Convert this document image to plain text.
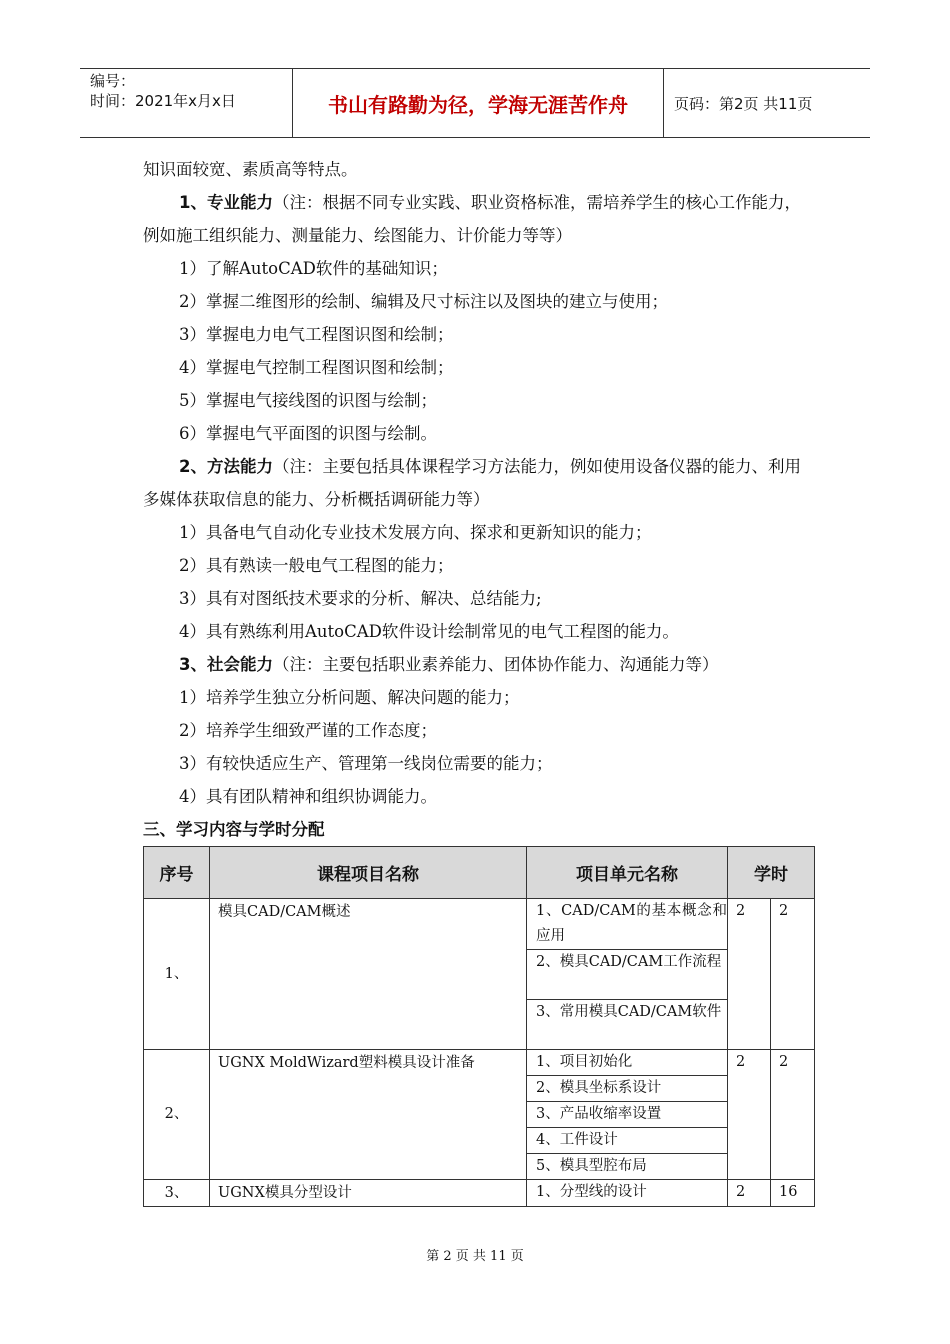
编号：
时间：2021年x月x日	书山有路勤为径，学海无涯苦作舟	页码：第2页 共11页

知识面较宽、素质高等特点。

1、专业能力（注：根据不同专业实践、职业资格标准，需培养学生的核心工作能力，例如施工组织能力、测量能力、绘图能力、计价能力等等）

1）了解AutoCAD软件的基础知识；

2）掌握二维图形的绘制、编辑及尺寸标注以及图块的建立与使用；

3）掌握电力电气工程图识图和绘制；

4）掌握电气控制工程图识图和绘制；

5）掌握电气接线图的识图与绘制；

6）掌握电气平面图的识图与绘制。

2、方法能力（注：主要包括具体课程学习方法能力，例如使用设备仪器的能力、利用多媒体获取信息的能力、分析概括调研能力等）

1）具备电气自动化专业技术发展方向、探求和更新知识的能力；

2）具有熟读一般电气工程图的能力；

3）具有对图纸技术要求的分析、解决、总结能力;

4）具有熟练利用AutoCAD软件设计绘制常见的电气工程图的能力。

3、社会能力（注：主要包括职业素养能力、团体协作能力、沟通能力等）

1）培养学生独立分析问题、解决问题的能力；

2）培养学生细致严谨的工作态度；

3）有较快适应生产、管理第一线岗位需要的能力；

4）具有团队精神和组织协调能力。

三、学习内容与学时分配

序号	课程项目名称	项目单元名称	学时	
1、	模具CAD/CAM概述	1、CAD/CAM的基本概念和应用	2	2
		2、模具CAD/CAM工作流程		
		3、常用模具CAD/CAM软件		
2、	UGNX MoldWizard塑料模具设计准备	1、项目初始化	2	2
		2、模具坐标系设计		
		3、产品收缩率设置		
		4、工件设计		
		5、模具型腔布局		
3、	UGNX模具分型设计	1、分型线的设计	2	16
第 2 页 共 11 页
